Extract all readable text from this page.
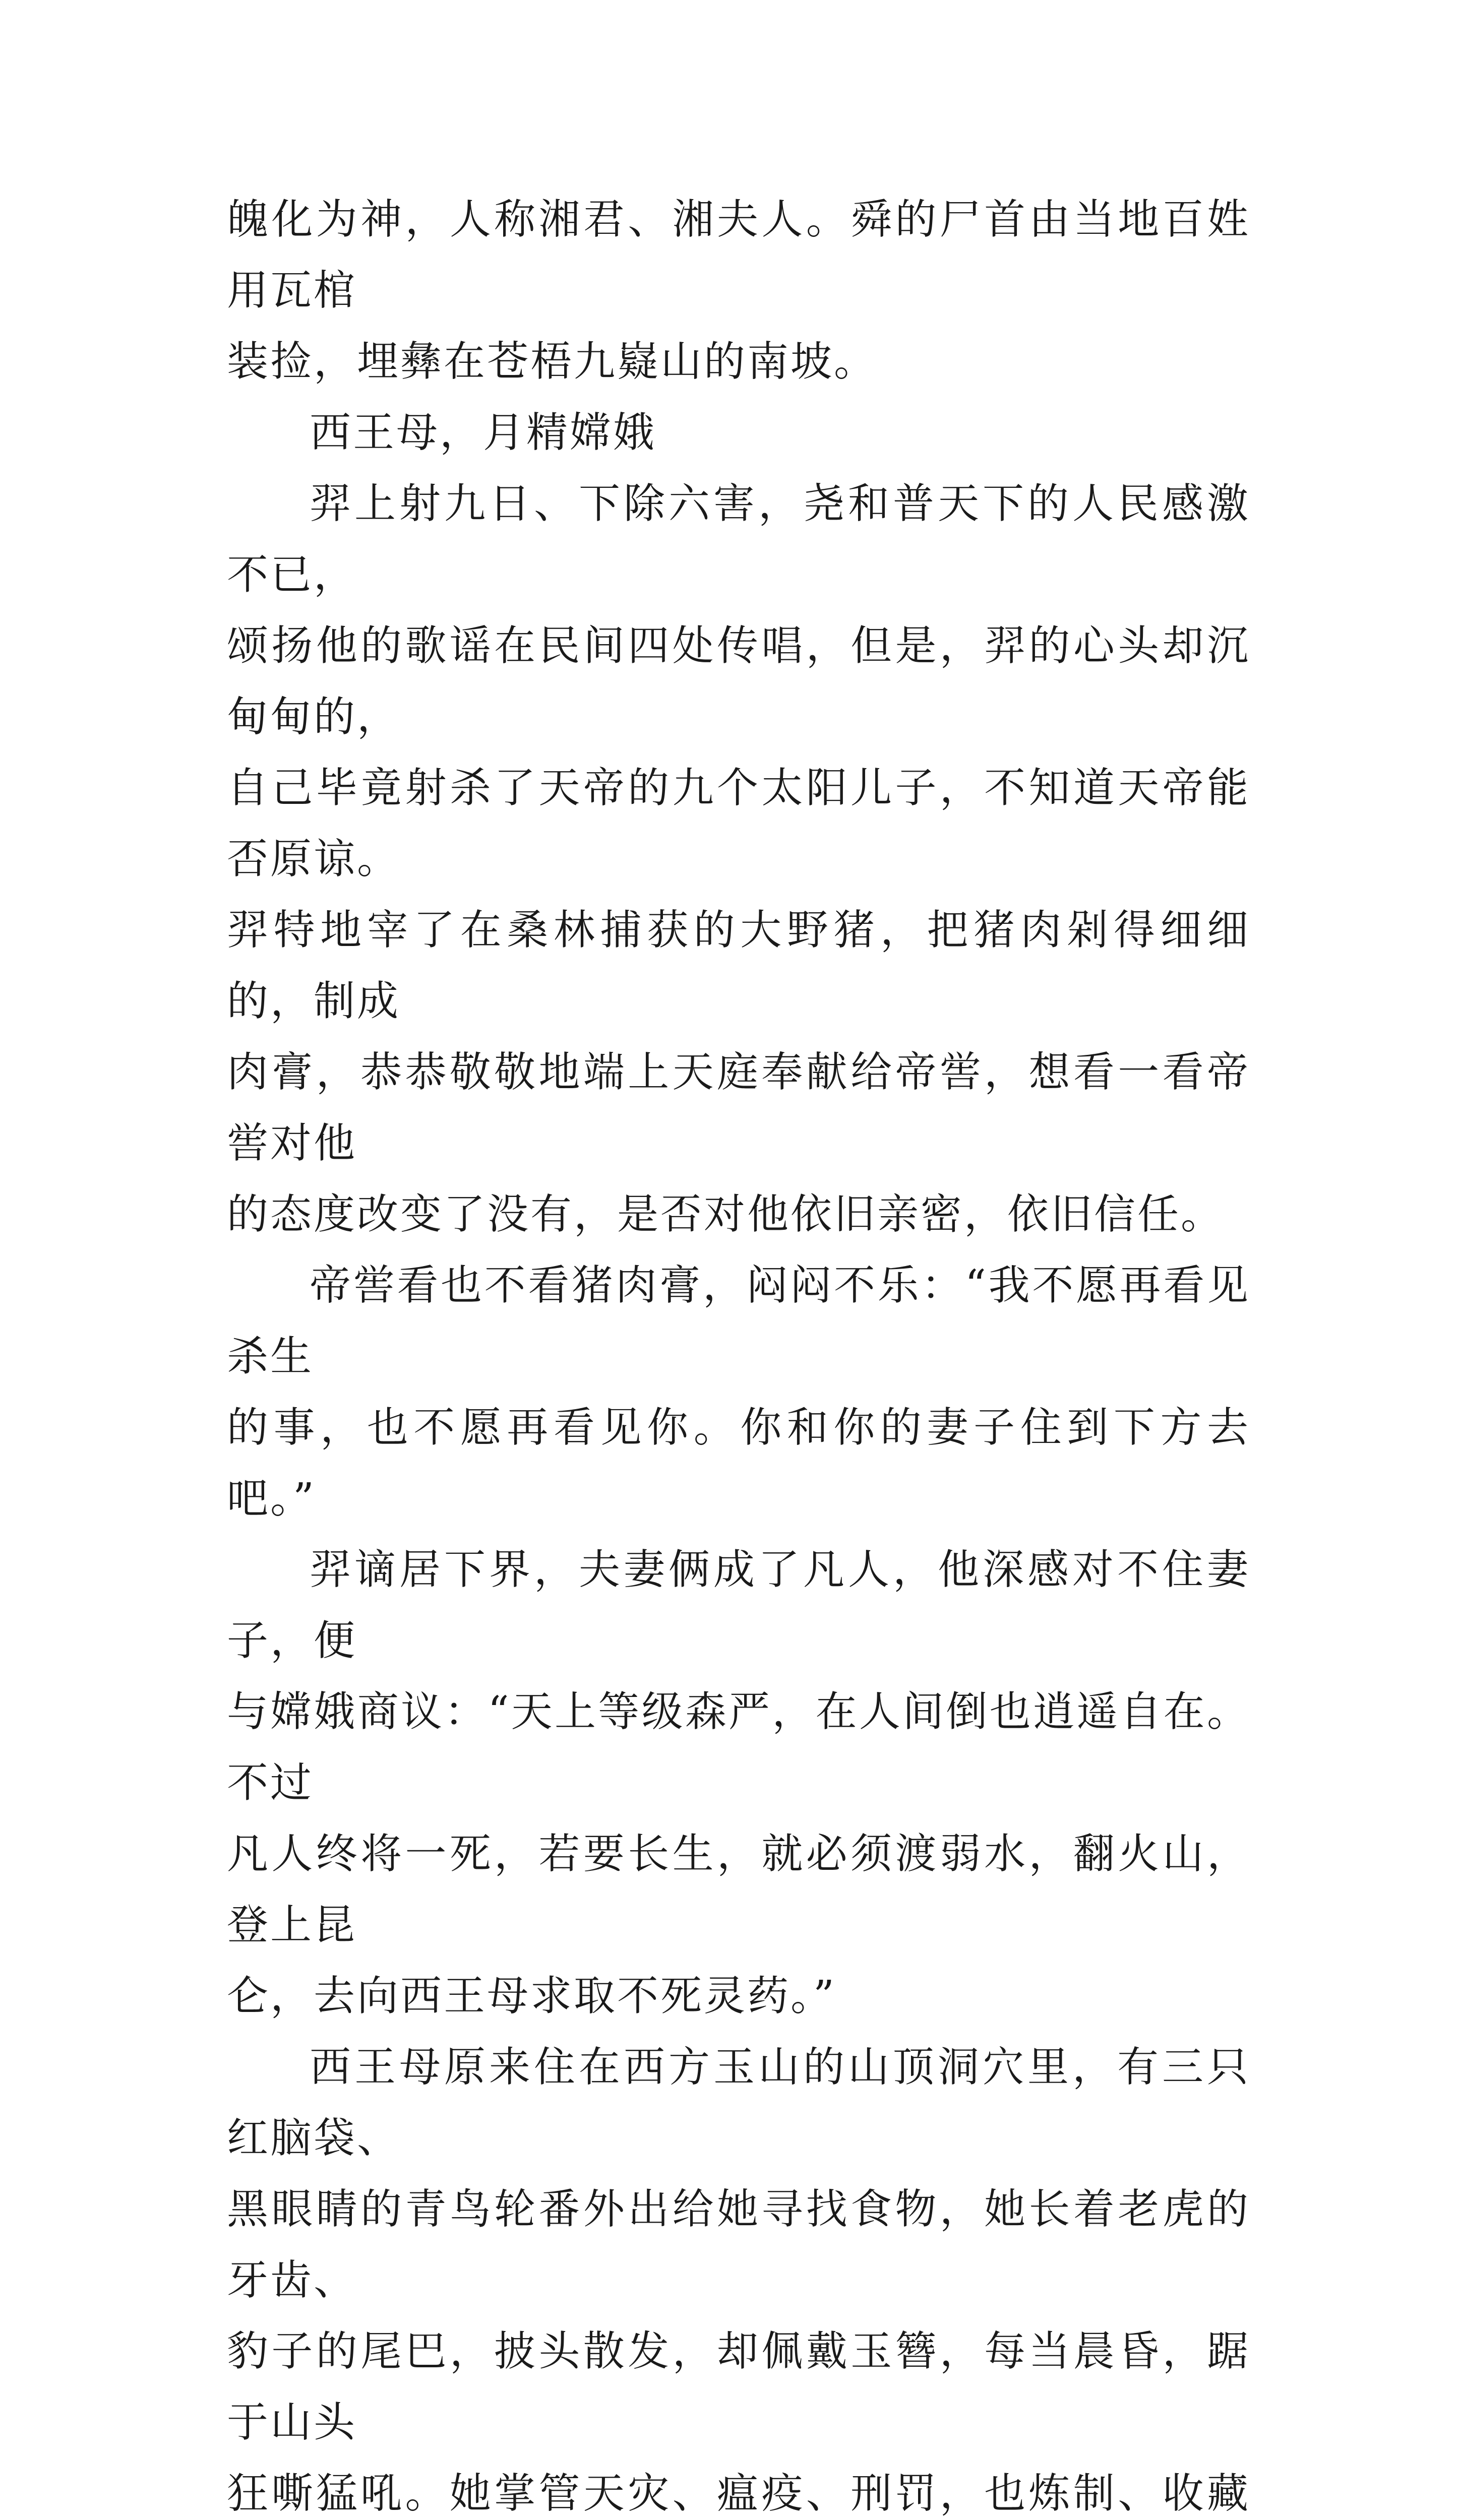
魄化为神，人称湘君、湘夫人。舜的尸首由当地百姓用瓦棺
装捡，埋彝在苍梧九嶷山的南坡。

西王母，月精嫦娥

羿上射九日、下除六害，尧和普天下的人民感激不已，
颂扬他的歌谣在民间四处传唱，但是，羿的心头却沉甸甸的，
自己毕竟射杀了天帝的九个太阳儿子，不知道天帝能否原谅。
羿特地宰了在桑林捕获的大野猪，把猪肉剁得细细的，制成
肉膏，恭恭敬敬地端上天庭奉献给帝喾，想看一看帝喾对他
的态度改变了没有，是否对他依旧亲密，依旧信任。

帝喾看也不看猪肉膏，闷闷不乐：“我不愿再看见杀生
的事，也不愿再看见你。你和你的妻子住到下方去吧。”

羿谪居下界，夫妻俩成了凡人，他深感对不住妻子，便
与嫦娥商议：“天上等级森严，在人间倒也逍遥自在。不过
凡人终将一死，若要长生，就必须渡弱水，翻火山，登上昆
仑，去向西王母求取不死灵药。”

西王母原来住在西方玉山的山顶洞穴里，有三只红脑袋、
黑眼睛的青鸟轮番外出给她寻找食物，她长着老虎的牙齿、
豹子的尾巴，披头散发，却佩戴玉簪，每当晨昏，踞于山头
狂嘶猛吼。她掌管天灾、瘟疫、刑罚，也炼制、收藏
